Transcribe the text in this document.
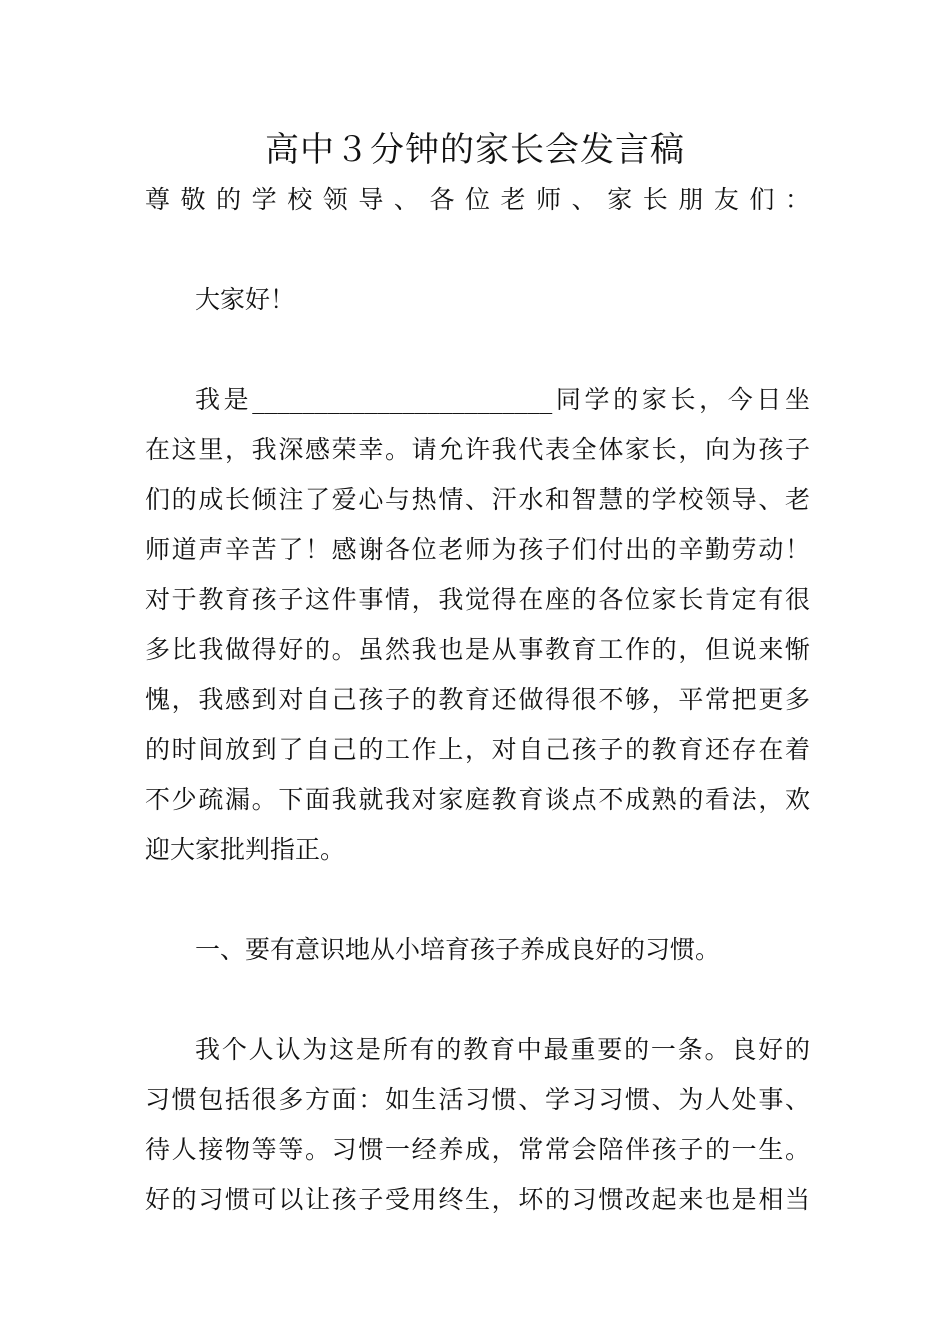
高中３分钟的家长会发言稿
尊敬的学校领导、各位老师、家长朋友们：
大家好！
我是________________________同学的家长，今日坐
在这里，我深感荣幸。请允许我代表全体家长，向为孩子
们的成长倾注了爱心与热情、汗水和智慧的学校领导、老
师道声辛苦了！感谢各位老师为孩子们付出的辛勤劳动！
对于教育孩子这件事情，我觉得在座的各位家长肯定有很
多比我做得好的。虽然我也是从事教育工作的，但说来惭
愧，我感到对自己孩子的教育还做得很不够，平常把更多
的时间放到了自己的工作上，对自己孩子的教育还存在着
不少疏漏。下面我就我对家庭教育谈点不成熟的看法，欢
迎大家批判指正。
一、要有意识地从小培育孩子养成良好的习惯。
我个人认为这是所有的教育中最重要的一条。良好的
习惯包括很多方面：如生活习惯、学习习惯、为人处事、
待人接物等等。习惯一经养成，常常会陪伴孩子的一生。
好的习惯可以让孩子受用终生，坏的习惯改起来也是相当
